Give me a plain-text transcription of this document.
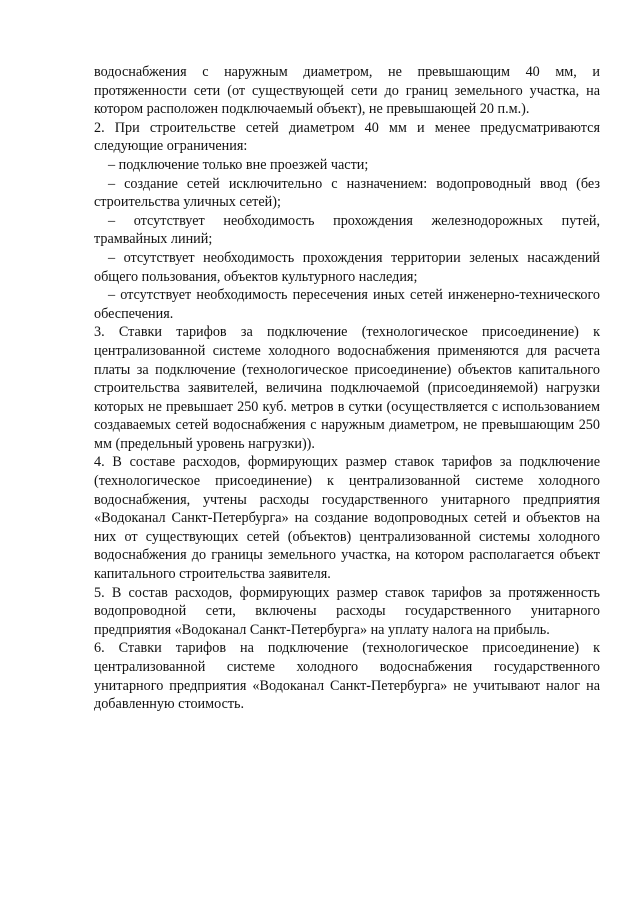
водоснабжения с наружным диаметром, не превышающим 40 мм, и протяженности сети (от существующей сети до границ земельного участка, на котором расположен подключаемый объект), не превышающей 20 п.м.).

2. При строительстве сетей диаметром 40 мм и менее предусматриваются следующие ограничения:

– подключение только вне проезжей части;

– создание сетей исключительно с назначением: водопроводный ввод (без строительства уличных сетей);

– отсутствует необходимость прохождения железнодорожных путей, трамвайных линий;

– отсутствует необходимость прохождения территории зеленых насаждений общего пользования, объектов культурного наследия;

– отсутствует необходимость пересечения иных сетей инженерно-технического обеспечения.

3. Ставки тарифов за подключение (технологическое присоединение) к централизованной системе холодного водоснабжения применяются для расчета платы за подключение (технологическое присоединение) объектов капитального строительства заявителей, величина подключаемой (присоединяемой) нагрузки которых не превышает 250 куб. метров в сутки (осуществляется с использованием создаваемых сетей водоснабжения с наружным диаметром, не превышающим 250 мм (предельный уровень нагрузки)).

4. В составе расходов, формирующих размер ставок тарифов за подключение (технологическое присоединение) к централизованной системе холодного водоснабжения, учтены расходы государственного унитарного предприятия «Водоканал Санкт-Петербурга» на создание водопроводных сетей и объектов на них от существующих сетей (объектов) централизованной системы холодного водоснабжения до границы земельного участка, на котором располагается объект капитального строительства заявителя.

5. В состав расходов, формирующих размер ставок тарифов за протяженность водопроводной сети, включены расходы государственного унитарного предприятия «Водоканал Санкт-Петербурга» на уплату налога на прибыль.

6. Ставки тарифов на подключение (технологическое присоединение) к централизованной системе холодного водоснабжения государственного унитарного предприятия «Водоканал Санкт-Петербурга» не учитывают налог на добавленную стоимость.
